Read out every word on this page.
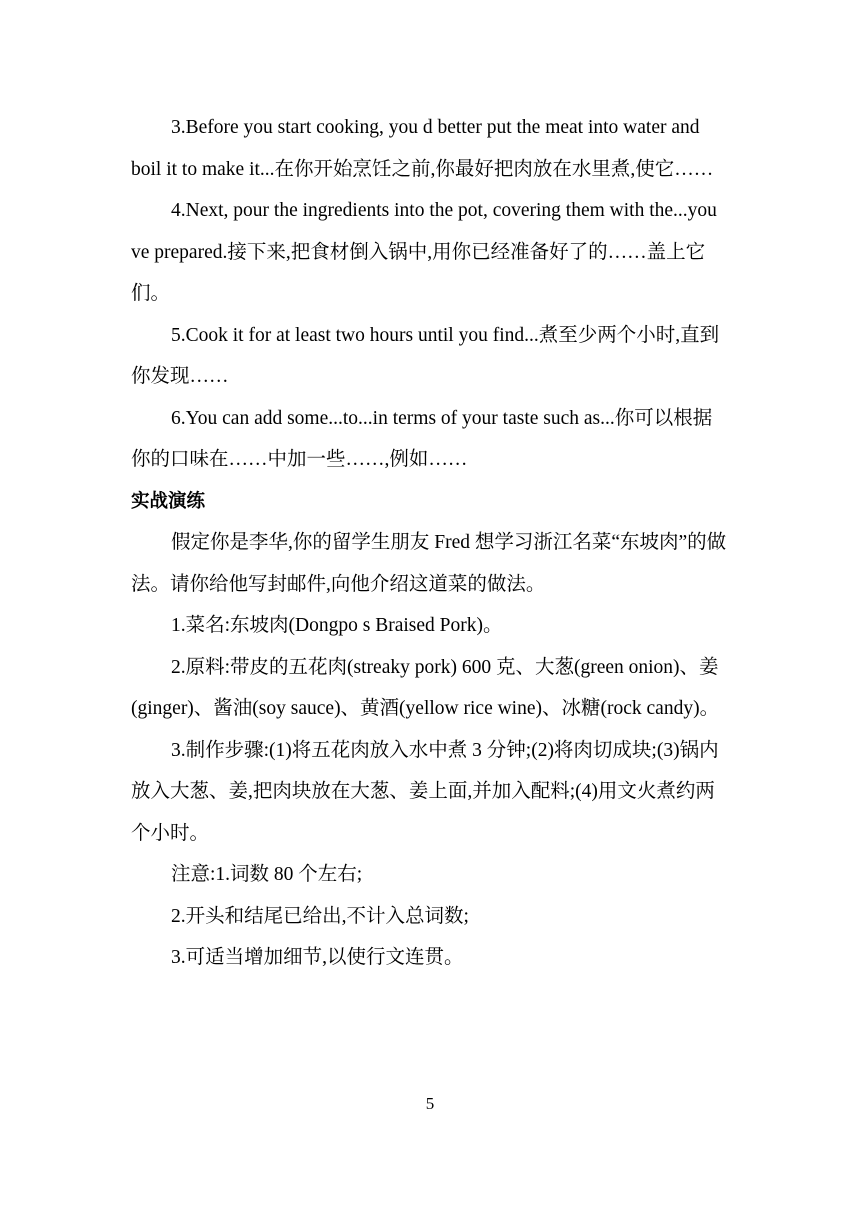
3.Before you start cooking, you d better put the meat into water and boil it to make it...在你开始烹饪之前,你最好把肉放在水里煮,使它……

4.Next, pour the ingredients into the pot, covering them with the...you ve prepared.接下来,把食材倒入锅中,用你已经准备好了的……盖上它们。

5.Cook it for at least two hours until you find...煮至少两个小时,直到你发现……

6.You can add some...to...in terms of your taste such as...你可以根据你的口味在……中加一些……,例如……

实战演练

假定你是李华,你的留学生朋友 Fred 想学习浙江名菜“东坡肉”的做法。请你给他写封邮件,向他介绍这道菜的做法。

1.菜名:东坡肉(Dongpo s Braised Pork)。

2.原料:带皮的五花肉(streaky pork) 600 克、大葱(green onion)、姜(ginger)、酱油(soy sauce)、黄酒(yellow rice wine)、冰糖(rock candy)。

3.制作步骤:(1)将五花肉放入水中煮 3 分钟;(2)将肉切成块;(3)锅内放入大葱、姜,把肉块放在大葱、姜上面,并加入配料;(4)用文火煮约两个小时。

注意:1.词数 80 个左右;

2.开头和结尾已给出,不计入总词数;

3.可适当增加细节,以使行文连贯。

5
